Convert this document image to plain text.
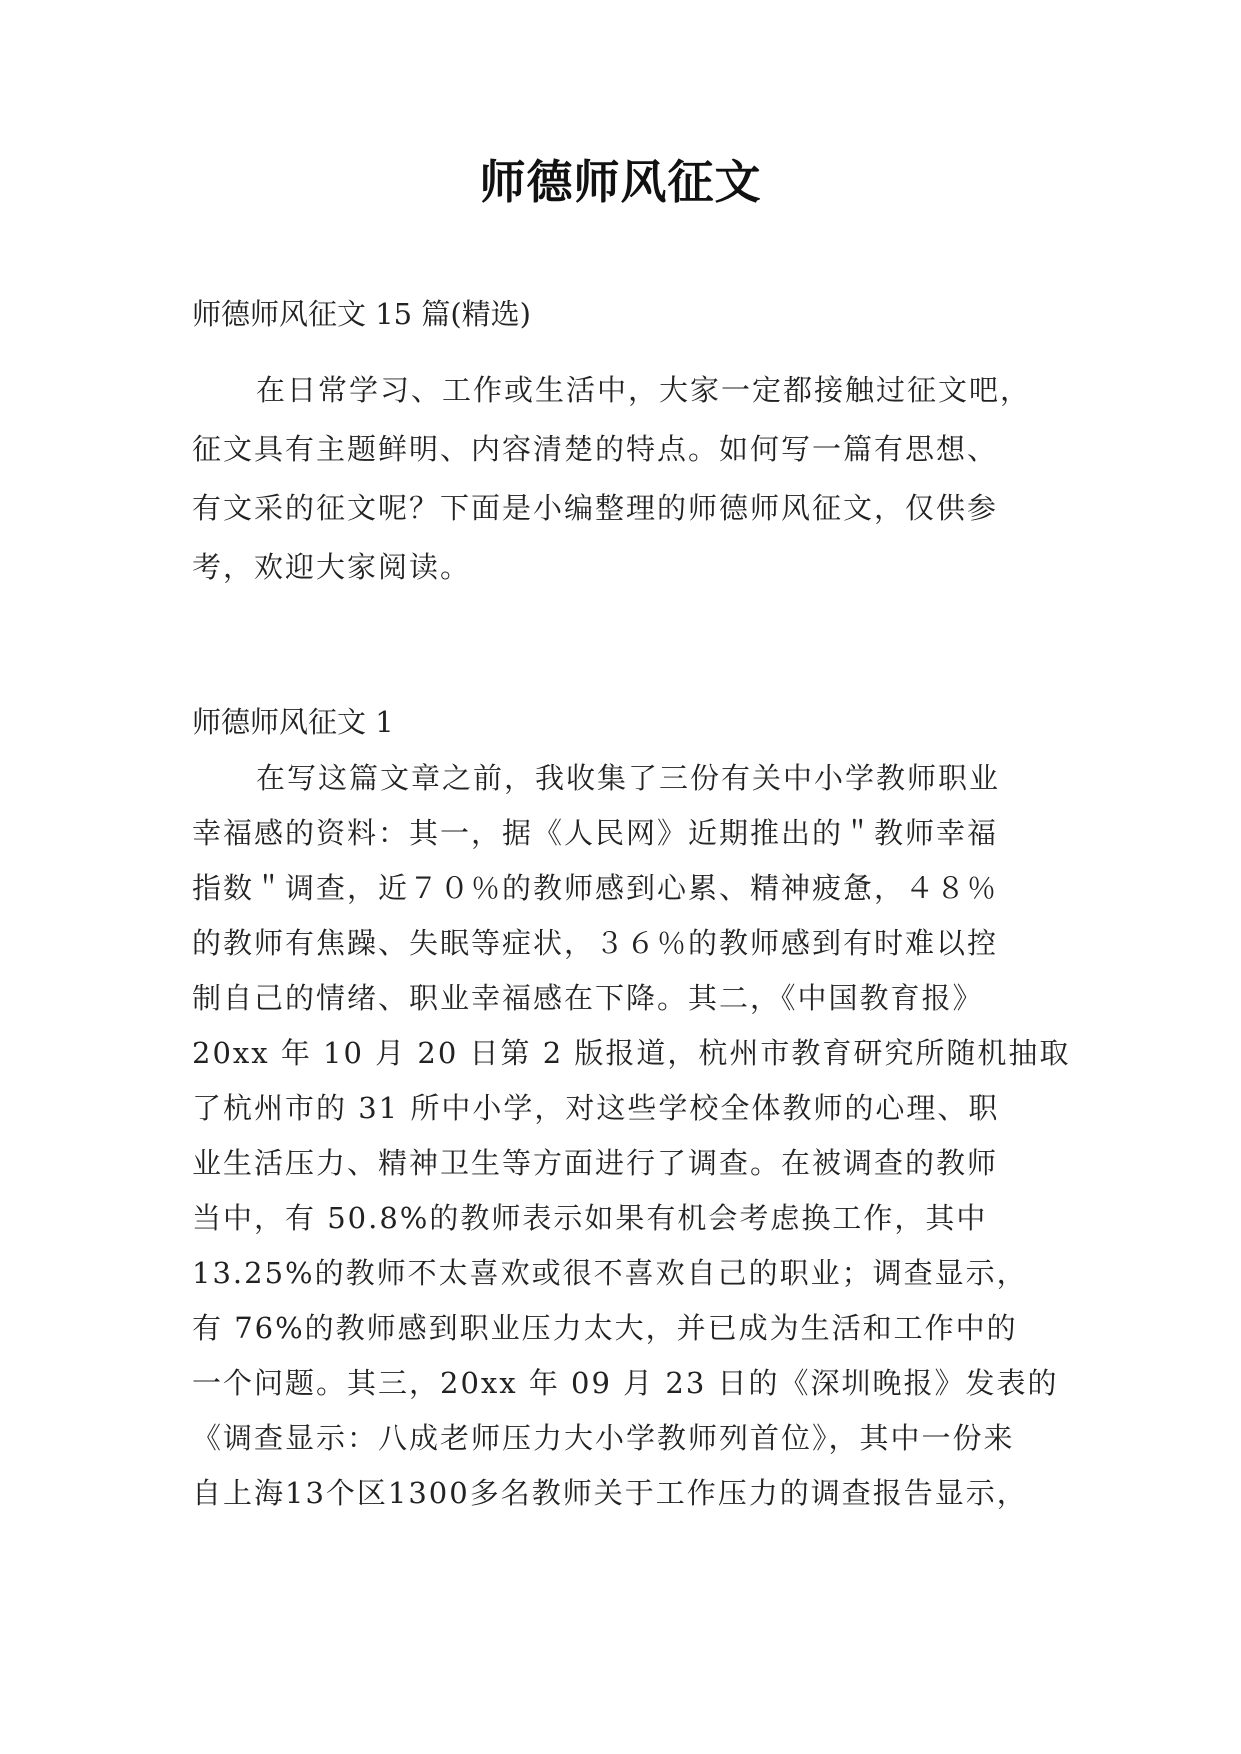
师德师风征文
师德师风征文 15 篇(精选)
在日常学习、工作或生活中，大家一定都接触过征文吧，
征文具有主题鲜明、内容清楚的特点。如何写一篇有思想、
有文采的征文呢？下面是小编整理的师德师风征文，仅供参
考，欢迎大家阅读。
师德师风征文 1
在写这篇文章之前，我收集了三份有关中小学教师职业
幸福感的资料：其一，据《人民网》近期推出的＂教师幸福
指数＂调查，近７０％的教师感到心累、精神疲惫，４８％
的教师有焦躁、失眠等症状，３６％的教师感到有时难以控
制自己的情绪、职业幸福感在下降。其二，《中国教育报》
20xx 年 10 月 20 日第 2 版报道，杭州市教育研究所随机抽取
了杭州市的 31 所中小学，对这些学校全体教师的心理、职
业生活压力、精神卫生等方面进行了调查。在被调查的教师
当中，有 50.8%的教师表示如果有机会考虑换工作，其中
13.25%的教师不太喜欢或很不喜欢自己的职业；调查显示，
有 76%的教师感到职业压力太大，并已成为生活和工作中的
一个问题。其三，20xx 年 09 月 23 日的《深圳晚报》发表的
《调查显示：八成老师压力大小学教师列首位》，其中一份来
自上海13个区1300多名教师关于工作压力的调查报告显示，
